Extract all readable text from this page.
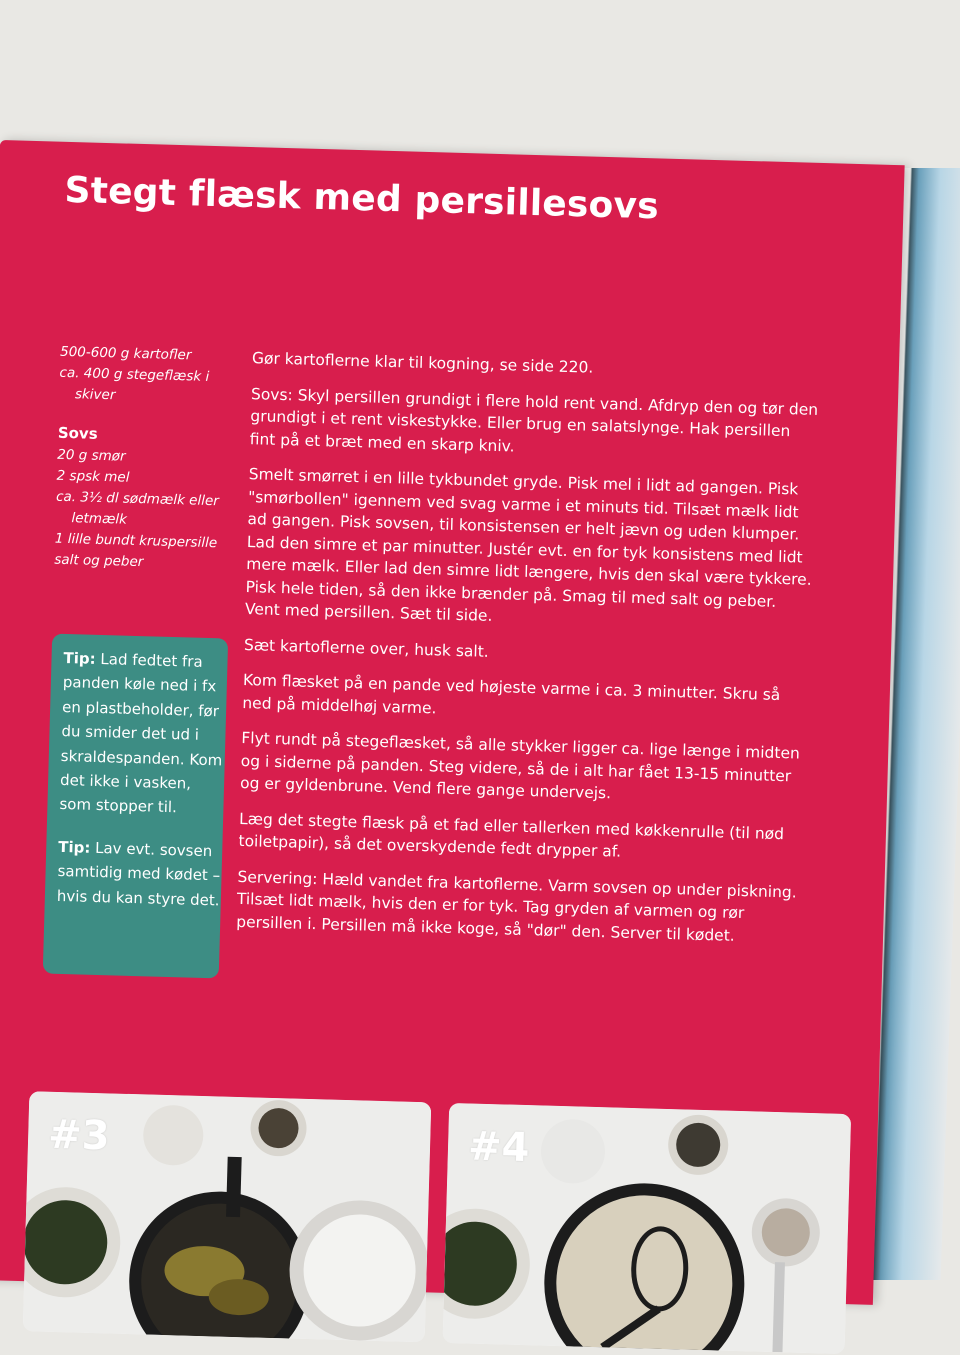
Stegt flæsk med persillesovs
500-600 g kartofler
ca. 400 g stegeflæsk i
skiver
Sovs
20 g smør
2 spsk mel
ca. 3½ dl sødmælk eller
letmælk
1 lille bundt kruspersille
salt og peber

Tip: Lad fedtet fra panden køle ned i fx en plastbeholder, før du smider det ud i skraldespanden. Kom det ikke i vasken, som stopper til.

Tip: Lav evt. sovsen samtidig med kødet – hvis du kan styre det.

Gør kartoflerne klar til kogning, se side 220.

Sovs: Skyl persillen grundigt i flere hold rent vand. Afdryp den og tør den grundigt i et rent viskestykke. Eller brug en salatslynge. Hak persillen fint på et bræt med en skarp kniv.

Smelt smørret i en lille tykbundet gryde. Pisk mel i lidt ad gangen. Pisk "smørbollen" igennem ved svag varme i et minuts tid. Tilsæt mælk lidt ad gangen. Pisk sovsen, til konsistensen er helt jævn og uden klumper. Lad den simre et par minutter. Justér evt. en for tyk konsistens med lidt mere mælk. Eller lad den simre lidt længere, hvis den skal være tykkere. Pisk hele tiden, så den ikke brænder på. Smag til med salt og peber. Vent med persillen. Sæt til side.

Sæt kartoflerne over, husk salt.

Kom flæsket på en pande ved højeste varme i ca. 3 minutter. Skru så ned på middelhøj varme.

Flyt rundt på stegeflæsket, så alle stykker ligger ca. lige længe i midten og i siderne på panden. Steg videre, så de i alt har fået 13-15 minutter og er gyldenbrune. Vend flere gange undervejs.

Læg det stegte flæsk på et fad eller tallerken med køkkenrulle (til nød toiletpapir), så det overskydende fedt drypper af.

Servering: Hæld vandet fra kartoflerne. Varm sovsen op under piskning. Tilsæt lidt mælk, hvis den er for tyk. Tag gryden af varmen og rør persillen i. Persillen må ikke koge, så "dør" den. Server til kødet.

#3	#4
